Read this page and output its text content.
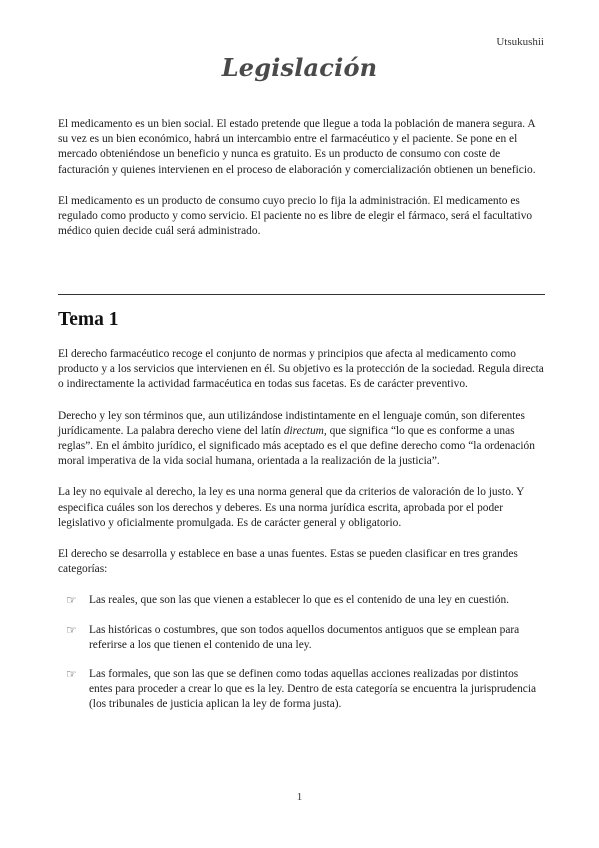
Utsukushii
Legislación

El medicamento es un bien social. El estado pretende que llegue a toda la población de manera segura. A su vez es un bien económico, habrá un intercambio entre el farmacéutico y el paciente. Se pone en el mercado obteniéndose un beneficio y nunca es gratuito. Es un producto de consumo con coste de facturación y quienes intervienen en el proceso de elaboración y comercialización obtienen un beneficio.

El medicamento es un producto de consumo cuyo precio lo fija la administración. El medicamento es regulado como producto y como servicio. El paciente no es libre de elegir el fármaco, será el facultativo médico quien decide cuál será administrado.

Tema 1

El derecho farmacéutico recoge el conjunto de normas y principios que afecta al medicamento como producto y a los servicios que intervienen en él. Su objetivo es la protección de la sociedad. Regula directa o indirectamente la actividad farmacéutica en todas sus facetas. Es de carácter preventivo.

Derecho y ley son términos que, aun utilizándose indistintamente en el lenguaje común, son diferentes jurídicamente. La palabra derecho viene del latín directum, que significa “lo que es conforme a unas reglas”. En el ámbito jurídico, el significado más aceptado es el que define derecho como “la ordenación moral imperativa de la vida social humana, orientada a la realización de la justicia”.

La ley no equivale al derecho, la ley es una norma general que da criterios de valoración de lo justo. Y especifica cuáles son los derechos y deberes. Es una norma jurídica escrita, aprobada por el poder legislativo y oficialmente promulgada. Es de carácter general y obligatorio.

El derecho se desarrolla y establece en base a unas fuentes. Estas se pueden clasificar en tres grandes categorías:

☞ Las reales, que son las que vienen a establecer lo que es el contenido de una ley en cuestión.
☞ Las históricas o costumbres, que son todos aquellos documentos antiguos que se emplean para referirse a los que tienen el contenido de una ley.
☞ Las formales, que son las que se definen como todas aquellas acciones realizadas por distintos entes para proceder a crear lo que es la ley. Dentro de esta categoría se encuentra la jurisprudencia (los tribunales de justicia aplican la ley de forma justa).
1
